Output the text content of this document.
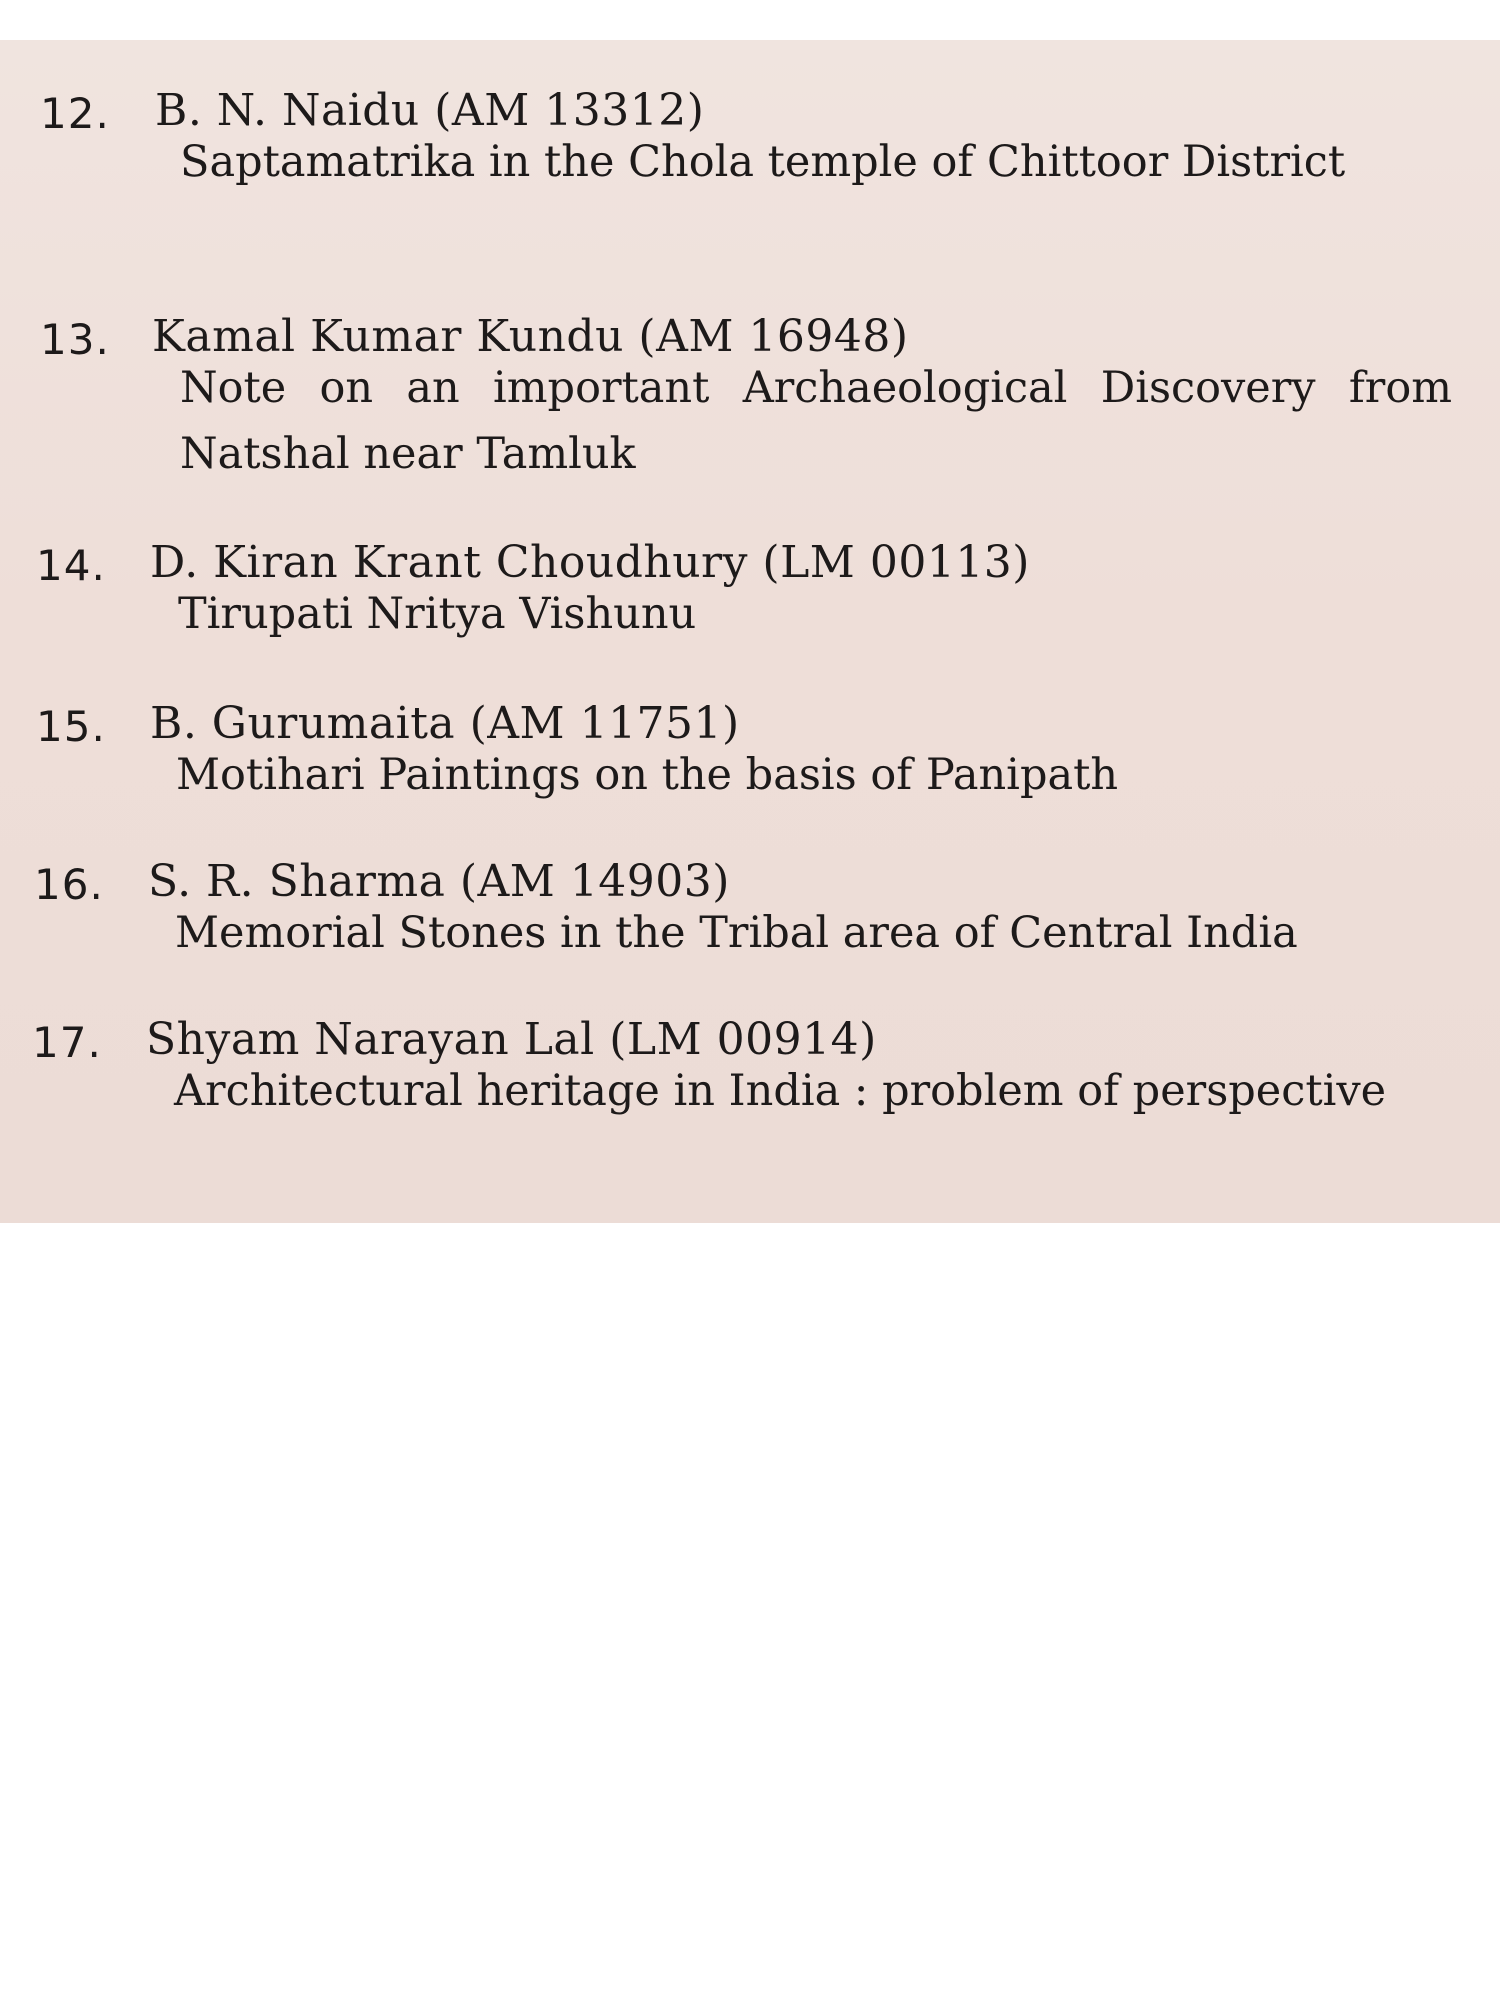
12. B. N. Naidu (AM 13312)
Saptamatrika in the Chola temple of Chittoor District
13. Kamal Kumar Kundu (AM 16948)
Note on an important Archaeological Discovery from Natshal near Tamluk
14. D. Kiran Krant Choudhury (LM 00113)
Tirupati Nritya Vishunu
15. B. Gurumaita (AM 11751)
Motihari Paintings on the basis of Panipath
16. S. R. Sharma (AM 14903)
Memorial Stones in the Tribal area of Central India
17. Shyam Narayan Lal (LM 00914)
Architectural heritage in India : problem of perspective
